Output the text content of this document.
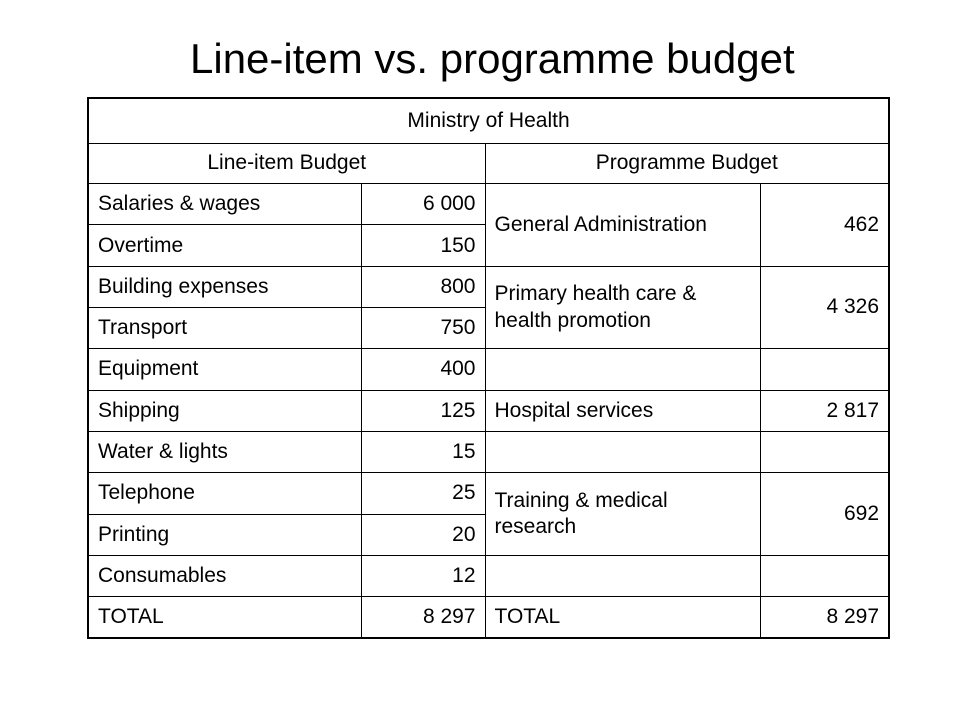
Line-item vs. programme budget
Ministry of Health			
Line-item Budget		Programme Budget	
Salaries & wages	6 000	General Administration	462
Overtime	150		
Building expenses	800	Primary health care & health promotion	4 326
Transport	750		
Equipment	400		
Shipping	125	Hospital services	2 817
Water & lights	15		
Telephone	25	Training & medical research	692
Printing	20		
Consumables	12		
TOTAL	8 297	TOTAL	8 297
